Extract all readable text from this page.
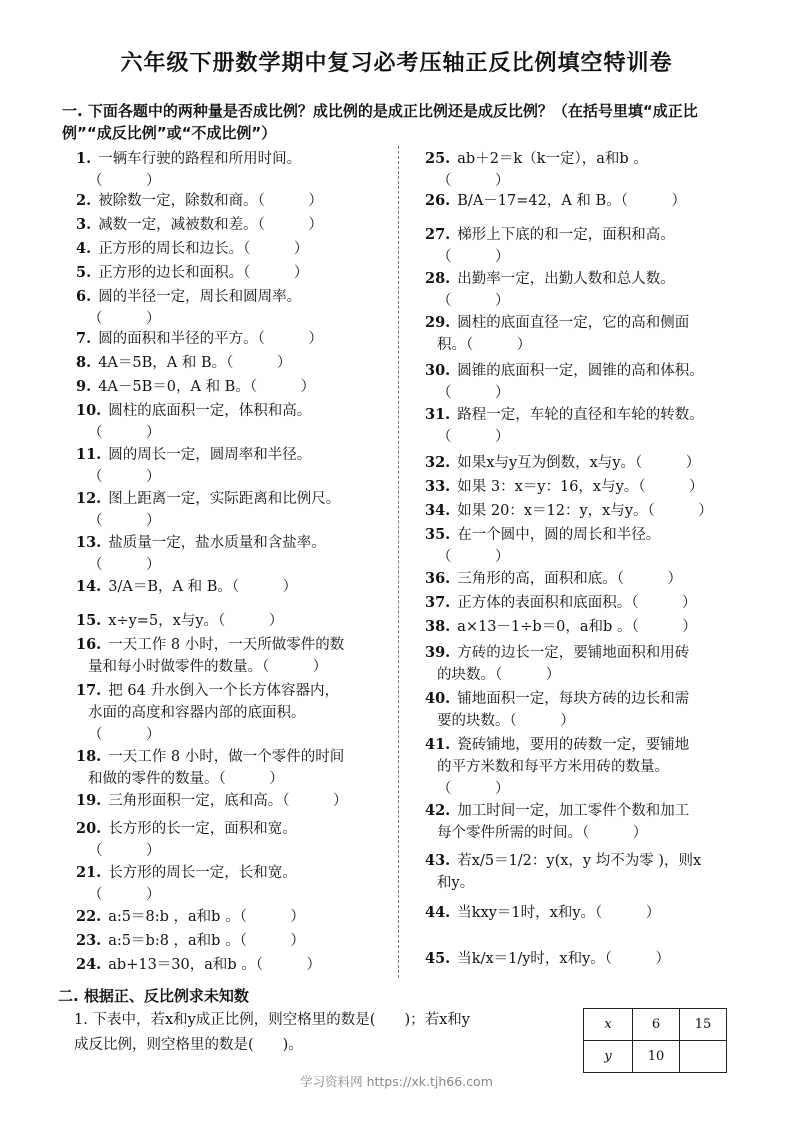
六年级下册数学期中复习必考压轴正反比例填空特训卷
一. 下面各题中的两种量是否成比例？成比例的是成正比例还是成反比例？（在括号里填“成正比例”“成反比例”或“不成比例”）
1. 一辆车行驶的路程和所用时间。
（　　　）
2. 被除数一定，除数和商。（　　　）
3. 减数一定，减被数和差。（　　　）
4. 正方形的周长和边长。（　　　）
5. 正方形的边长和面积。（　　　）
6. 圆的半径一定，周长和圆周率。
（　　　）
7. 圆的面积和半径的平方。（　　　）
8. 4A＝5B，A 和 B。（　　　）
9. 4A－5B＝0，A 和 B。（　　　）
10. 圆柱的底面积一定，体积和高。
（　　　）
11. 圆的周长一定，圆周率和半径。
（　　　）
12. 图上距离一定，实际距离和比例尺。
（　　　）
13. 盐质量一定，盐水质量和含盐率。
（　　　）
14. 3/A＝B，A 和 B。（　　　）
15. x÷y=5，x与y。（　　　）
16. 一天工作 8 小时，一天所做零件的数
量和每小时做零件的数量。（　　　）
17. 把 64 升水倒入一个长方体容器内，
水面的高度和容器内部的底面积。
（　　　）
18. 一天工作 8 小时，做一个零件的时间
和做的零件的数量。（　　　）
19. 三角形面积一定，底和高。（　　　）
20. 长方形的长一定，面积和宽。
（　　　）
21. 长方形的周长一定，长和宽。
（　　　）
22. a:5＝8:b ，a和b 。（　　　）
23. a:5＝b:8 ，a和b 。（　　　）
24. ab+13＝30，a和b 。（　　　）
25. ab＋2＝k（k一定），a和b 。
（　　　）
26. B/A－17=42，A 和 B。（　　　）
27. 梯形上下底的和一定，面积和高。
（　　　）
28. 出勤率一定，出勤人数和总人数。
（　　　）
29. 圆柱的底面直径一定，它的高和侧面
积。（　　　）
30. 圆锥的底面积一定，圆锥的高和体积。
（　　　）
31. 路程一定，车轮的直径和车轮的转数。
（　　　）
32. 如果x与y互为倒数，x与y。（　　　）
33. 如果 3：x＝y：16，x与y。（　　　）
34. 如果 20：x＝12：y，x与y。（　　　）
35. 在一个圆中，圆的周长和半径。
（　　　）
36. 三角形的高，面积和底。（　　　）
37. 正方体的表面积和底面积。（　　　）
38. a×13－1÷b＝0，a和b 。（　　　）
39. 方砖的边长一定，要铺地面积和用砖
的块数。（　　　）
40. 铺地面积一定，每块方砖的边长和需
要的块数。（　　　）
41. 瓷砖铺地，要用的砖数一定，要铺地
的平方米数和每平方米用砖的数量。
（　　　）
42. 加工时间一定，加工零件个数和加工
每个零件所需的时间。（　　　）
43. 若x/5＝1/2：y(x，y 均不为零 )，则x
和y。
44. 当kxy＝1时，x和y。（　　　）
45. 当k/x＝1/y时，x和y。（　　　）
二. 根据正、反比例求未知数
1. 下表中，若x和y成正比例，则空格里的数是(　　)；若x和y
成反比例，则空格里的数是(　　)。
x	6	15
y	10	
学习资料网 https://xk.tjh66.com
